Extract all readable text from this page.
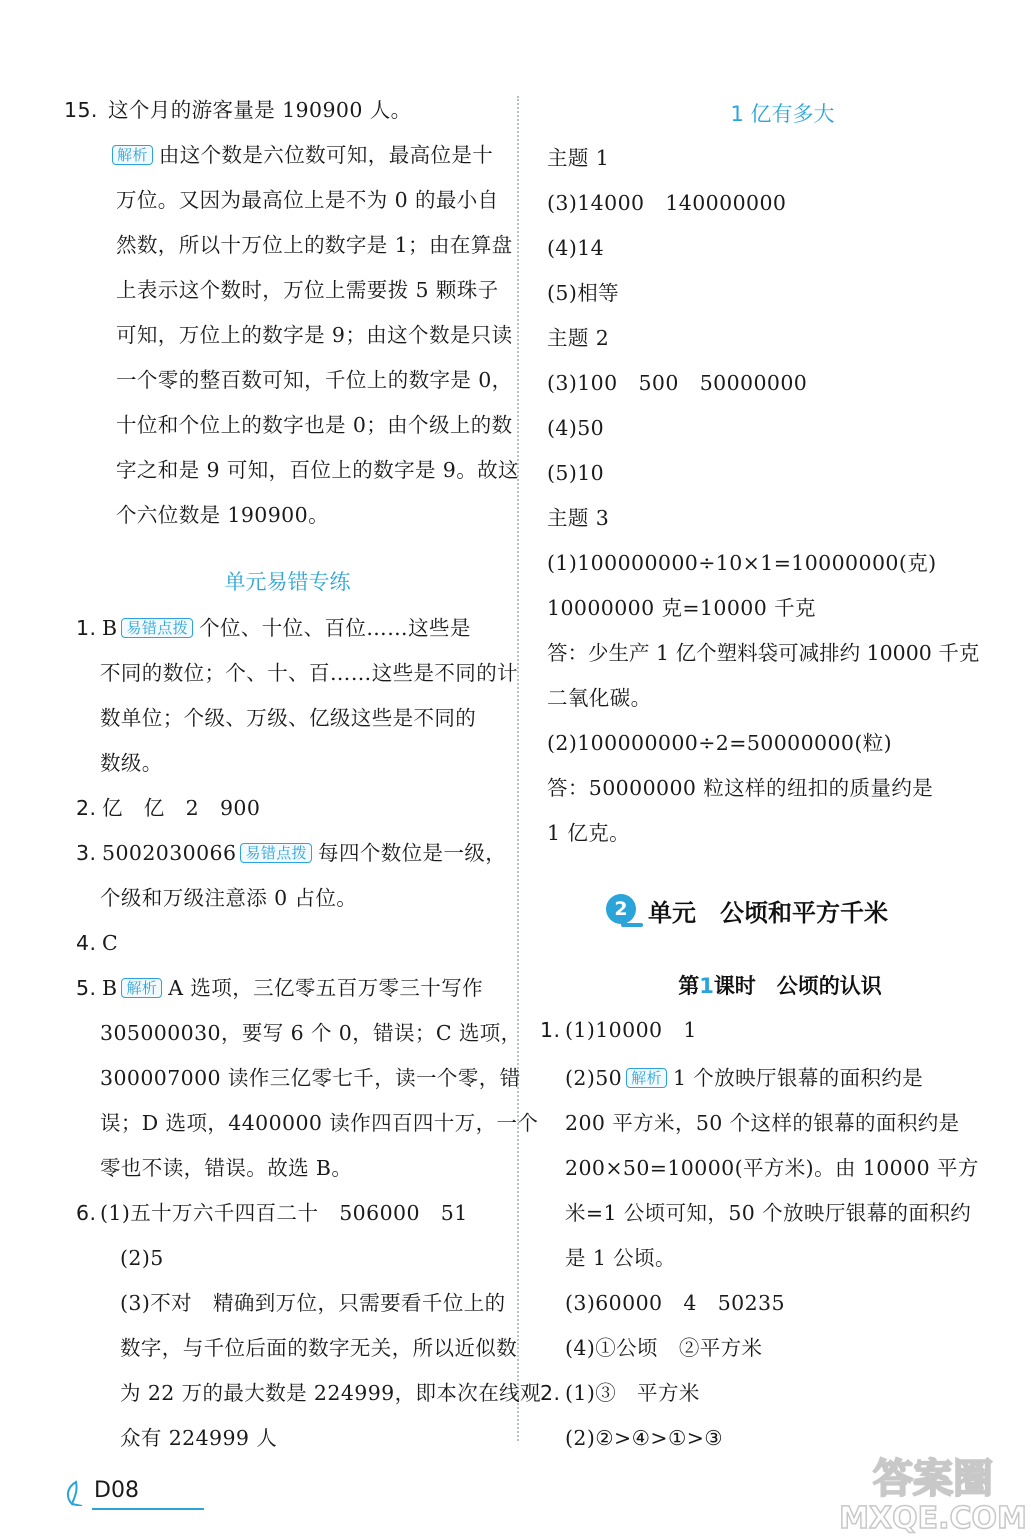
15. 这个月的游客量是 190900 人。
解析 由这个数是六位数可知，最高位是十
万位。又因为最高位上是不为 0 的最小自
然数，所以十万位上的数字是 1；由在算盘
上表示这个数时，万位上需要拨 5 颗珠子
可知，万位上的数字是 9；由这个数是只读
一个零的整百数可知，千位上的数字是 0，
十位和个位上的数字也是 0；由个级上的数
字之和是 9 可知，百位上的数字是 9。故这
个六位数是 190900。
单元易错专练
1. B 易错点拨 个位、十位、百位……这些是
不同的数位；个、十、百……这些是不同的计
数单位；个级、万级、亿级这些是不同的
数级。
2. 亿　亿　2　900
3. 5002030066 易错点拨 每四个数位是一级，
个级和万级注意添 0 占位。
4. C
5. B 解析 A 选项，三亿零五百万零三十写作
305000030，要写 6 个 0，错误；C 选项，
300007000 读作三亿零七千，读一个零，错
误；D 选项，4400000 读作四百四十万，一个
零也不读，错误。故选 B。
6. (1)五十万六千四百二十　506000　51
(2)5
(3)不对　精确到万位，只需要看千位上的
数字，与千位后面的数字无关，所以近似数
为 22 万的最大数是 224999，即本次在线观
众有 224999 人
1 亿有多大
主题 1
(3)14000　140000000
(4)14
(5)相等
主题 2
(3)100　500　50000000
(4)50
(5)10
主题 3
(1)100000000÷10×1=10000000(克)
10000000 克=10000 千克
答：少生产 1 亿个塑料袋可减排约 10000 千克
二氧化碳。
(2)100000000÷2=50000000(粒)
答：50000000 粒这样的纽扣的质量约是
1 亿克。
1. (1)10000　1
(2)50 解析 1 个放映厅银幕的面积约是
200 平方米，50 个这样的银幕的面积约是
200×50=10000(平方米)。由 10000 平方
米=1 公顷可知，50 个放映厅银幕的面积约
是 1 公顷。
(3)60000　4　50235
(4)①公顷　②平方米
2. (1)③　平方米
(2)②>④>①>③

2

单元　公顷和平方千米

第1课时　公顷的认识
D08	答案圈
MXQE.COM
